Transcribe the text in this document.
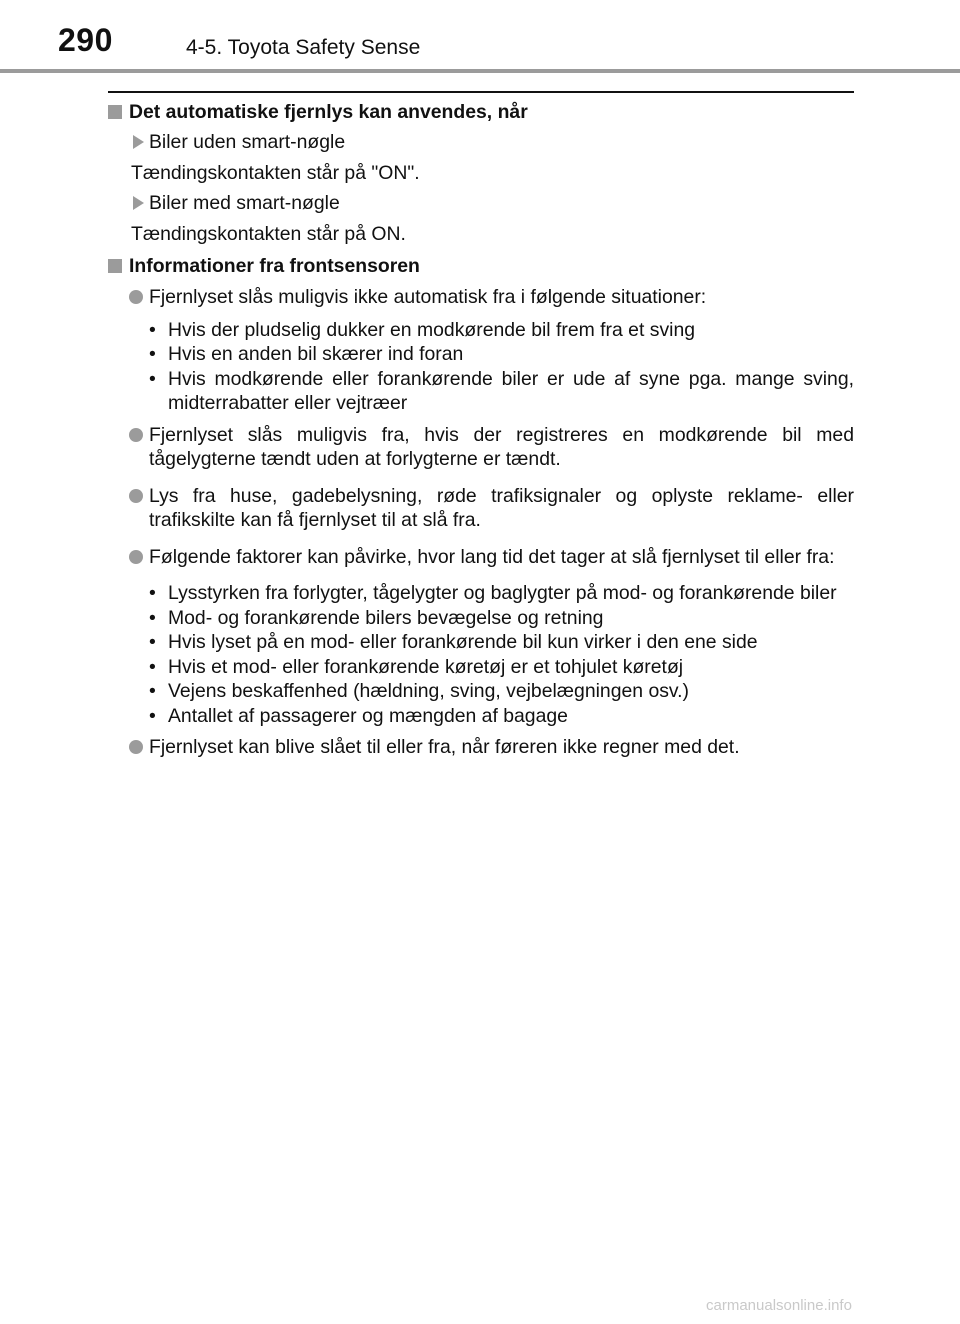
290	4-5. Toyota Safety Sense
Det automatiske fjernlys kan anvendes, når
Biler uden smart-nøgle
Tændingskontakten står på "ON".
Biler med smart-nøgle
Tændingskontakten står på ON.
Informationer fra frontsensoren
Fjernlyset slås muligvis ikke automatisk fra i følgende situationer:
• Hvis der pludselig dukker en modkørende bil frem fra et sving
• Hvis en anden bil skærer ind foran
• Hvis modkørende eller forankørende biler er ude af syne pga. mange sving, midterrabatter eller vejtræer
Fjernlyset slås muligvis fra, hvis der registreres en modkørende bil med tågelygterne tændt uden at forlygterne er tændt.
Lys fra huse, gadebelysning, røde trafiksignaler og oplyste reklame- eller trafikskilte kan få fjernlyset til at slå fra.
Følgende faktorer kan påvirke, hvor lang tid det tager at slå fjernlyset til eller fra:
• Lysstyrken fra forlygter, tågelygter og baglygter på mod- og forankørende biler
• Mod- og forankørende bilers bevægelse og retning
• Hvis lyset på en mod- eller forankørende bil kun virker i den ene side
• Hvis et mod- eller forankørende køretøj er et tohjulet køretøj
• Vejens beskaffenhed (hældning, sving, vejbelægningen osv.)
• Antallet af passagerer og mængden af bagage
Fjernlyset kan blive slået til eller fra, når føreren ikke regner med det.
carmanualsonline.info
